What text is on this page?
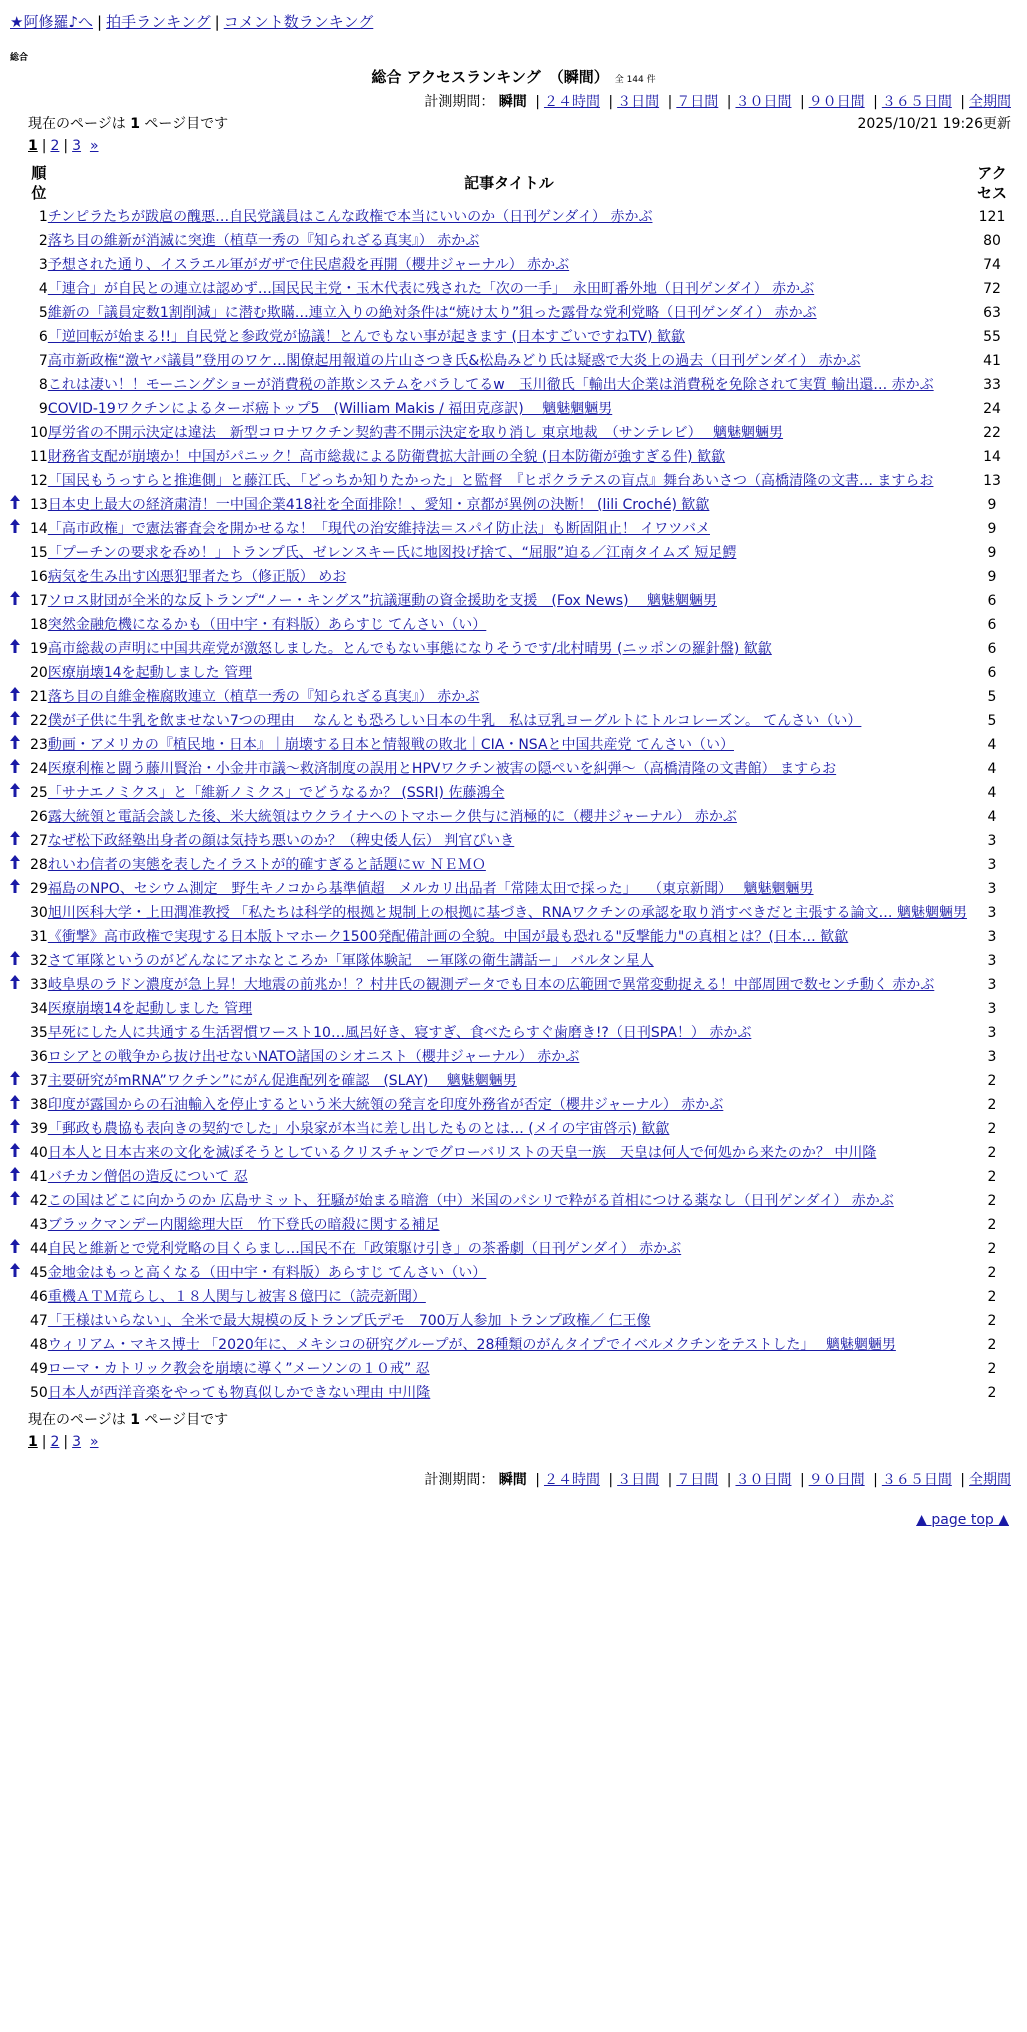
★阿修羅♪へ | 拍手ランキング | コメント数ランキング
総合
総合 アクセスランキング （瞬間） 全 144 件
計測期間： 瞬間 | ２４時間 | ３日間 | ７日間 | ３０日間 | ９０日間 | ３６５日間 | 全期間
現在のページは 1 ページ目です	2025/10/21 19:26更新
1 | 2 | 3 »
	順位	記事タイトル	アクセス
	1	チンピラたちが跋扈の醜悪…自民党議員はこんな政権で本当にいいのか（日刊ゲンダイ） 赤かぶ	121
	2	落ち目の維新が消滅に突進（植草一秀の『知られざる真実』） 赤かぶ	80
	3	予想された通り、イスラエル軍がガザで住民虐殺を再開（櫻井ジャーナル） 赤かぶ	74
	4	「連合」が自民との連立は認めず…国民民主党・玉木代表に残された「次の一手」　永田町番外地（日刊ゲンダイ） 赤かぶ	72
	5	維新の「議員定数1割削減」に潜む欺瞞…連立入りの絶対条件は“焼け太り”狙った露骨な党利党略（日刊ゲンダイ） 赤かぶ	63
	6	「逆回転が始まる!!」自民党と参政党が協議！とんでもない事が起きます (日本すごいですねTV) 歓歙	55
	7	高市新政権“激ヤバ議員”登用のワケ…閣僚起用報道の片山さつき氏&松島みどり氏は疑惑で大炎上の過去（日刊ゲンダイ） 赤かぶ	41
	8	これは凄い！！モーニングショーが消費税の詐欺システムをバラしてるw　玉川徹氏「輸出大企業は消費税を免除されて実質 輸出還… 赤かぶ	33
	9	COVID-19ワクチンによるターボ癌トップ5　(William Makis / 福田克彦訳)　 魑魅魍魎男	24
	10	厚労省の不開示決定は違法　新型コロナワクチン契約書不開示決定を取り消し 東京地裁　（サンテレビ）　 魑魅魍魎男	22
	11	財務省支配が崩壊か！中国がパニック！高市総裁による防衛費拡大計画の全貌 (日本防衛が強すぎる件) 歓歙	14
	12	「国民もうっすらと推進側」と藤江氏、「どっちか知りたかった」と監督　『ヒポクラテスの盲点』舞台あいさつ（高橋清隆の文書… ますらお	13
	13	日本史上最大の経済粛清！一中国企業418社を全面排除！、愛知・京都が異例の決断！ (lili Croché) 歓歙	9
	14	「高市政権」で憲法審査会を開かせるな！「現代の治安維持法＝スパイ防止法」も断固阻止！ イワツバメ	9
	15	「プーチンの要求を呑め！」トランプ氏、ゼレンスキー氏に地図投げ捨て、“屈服”迫る／江南タイムズ 短足鰐	9
	16	病気を生み出す凶悪犯罪者たち（修正版） めお	9
	17	ソロス財団が全米的な反トランプ“ノー・キングス”抗議運動の資金援助を支援　(Fox News)　 魑魅魍魎男	6
	18	突然金融危機になるかも（田中宇・有料版）あらすじ てんさい（い）	6
	19	高市総裁の声明に中国共産党が激怒しました。とんでもない事態になりそうです/北村晴男 (ニッポンの羅針盤) 歓歙	6
	20	医療崩壊14を起動しました 管理	6
	21	落ち目の自維金権腐敗連立（植草一秀の『知られざる真実』） 赤かぶ	5
	22	僕が子供に牛乳を飲ませない7つの理由　 なんとも恐ろしい日本の牛乳　私は豆乳ヨーグルトにトルコレーズン。 てんさい（い）	5
	23	動画・アメリカの『植民地・日本』｜崩壊する日本と情報戦の敗北｜CIA・NSAと中国共産党 てんさい（い）	4
	24	医療利権と闘う藤川賢治・小金井市議～救済制度の誤用とHPVワクチン被害の隠ぺいを糾弾～（高橋清隆の文書館） ますらお	4
	25	「サナエノミクス」と「維新ノミクス」でどうなるか？ (SSRI) 佐藤鴻全	4
	26	露大統領と電話会談した後、米大統領はウクライナへのトマホーク供与に消極的に（櫻井ジャーナル） 赤かぶ	4
	27	なぜ松下政経塾出身者の顔は気持ち悪いのか？（稗史倭人伝） 判官びいき	3
	28	れいわ信者の実態を表したイラストが的確すぎると話題にｗ ＮＥＭＯ	3
	29	福島のNPO、セシウム測定　野生キノコから基準値超　メルカリ出品者「常陸太田で採った」　 （東京新聞）　 魑魅魍魎男	3
	30	旭川医科大学・上田潤准教授 「私たちは科学的根拠と規制上の根拠に基づき、RNAワクチンの承認を取り消すべきだと主張する論文… 魑魅魍魎男	3
	31	《衝撃》高市政権で実現する日本版トマホーク1500発配備計画の全貌。中国が最も恐れる"反撃能力"の真相とは？(日本… 歓歙	3
	32	さて軍隊というのがどんなにアホなところか「軍隊体験記　ー軍隊の衛生講話ー」 バルタン星人	3
	33	岐阜県のラドン濃度が急上昇！大地震の前兆か！？村井氏の観測データでも日本の広範囲で異常変動捉える！中部周囲で数センチ動く 赤かぶ	3
	34	医療崩壊14を起動しました 管理	3
	35	早死にした人に共通する生活習慣ワースト10…風呂好き、寝すぎ、食べたらすぐ歯磨き!?（日刊SPA！） 赤かぶ	3
	36	ロシアとの戦争から抜け出せないNATO諸国のシオニスト（櫻井ジャーナル） 赤かぶ	3
	37	主要研究がmRNA”ワクチン”にがん促進配列を確認　(SLAY)　 魑魅魍魎男	2
	38	印度が露国からの石油輸入を停止するという米大統領の発言を印度外務省が否定（櫻井ジャーナル） 赤かぶ	2
	39	「郵政も農協も表向きの契約でした」小泉家が本当に差し出したものとは… (メイの宇宙啓示) 歓歙	2
	40	日本人と日本古来の文化を滅ぼそうとしているクリスチャンでグローバリストの天皇一族＿天皇は何人で何処から来たのか？ 中川隆	2
	41	バチカン僧侶の造反について 忍	2
	42	この国はどこに向かうのか 広島サミット、狂騒が始まる暗澹（中）米国のパシリで粋がる首相につける薬なし（日刊ゲンダイ） 赤かぶ	2
	43	ブラックマンデー内閣総理大臣　竹下登氏の暗殺に関する補足	2
	44	自民と維新とで党利党略の目くらまし…国民不在「政策駆け引き」の茶番劇（日刊ゲンダイ） 赤かぶ	2
	45	金地金はもっと高くなる（田中宇・有料版）あらすじ てんさい（い）	2
	46	重機ＡＴＭ荒らし、１８人関与し被害８億円に（読売新聞）	2
	47	「王様はいらない」、全米で最大規模の反トランプ氏デモ　700万人参加 トランプ政権／ 仁王像	2
	48	ウィリアム・マキス博士 「2020年に、メキシコの研究グループが、28種類のがんタイプでイベルメクチンをテストした」　 魑魅魍魎男	2
	49	ローマ・カトリック教会を崩壊に導く”メーソンの１０戒” 忍	2
	50	日本人が西洋音楽をやっても物真似しかできない理由 中川隆	2
現在のページは 1 ページ目です
1 | 2 | 3 »
計測期間： 瞬間 | ２４時間 | ３日間 | ７日間 | ３０日間 | ９０日間 | ３６５日間 | 全期間
▲ page top ▲
